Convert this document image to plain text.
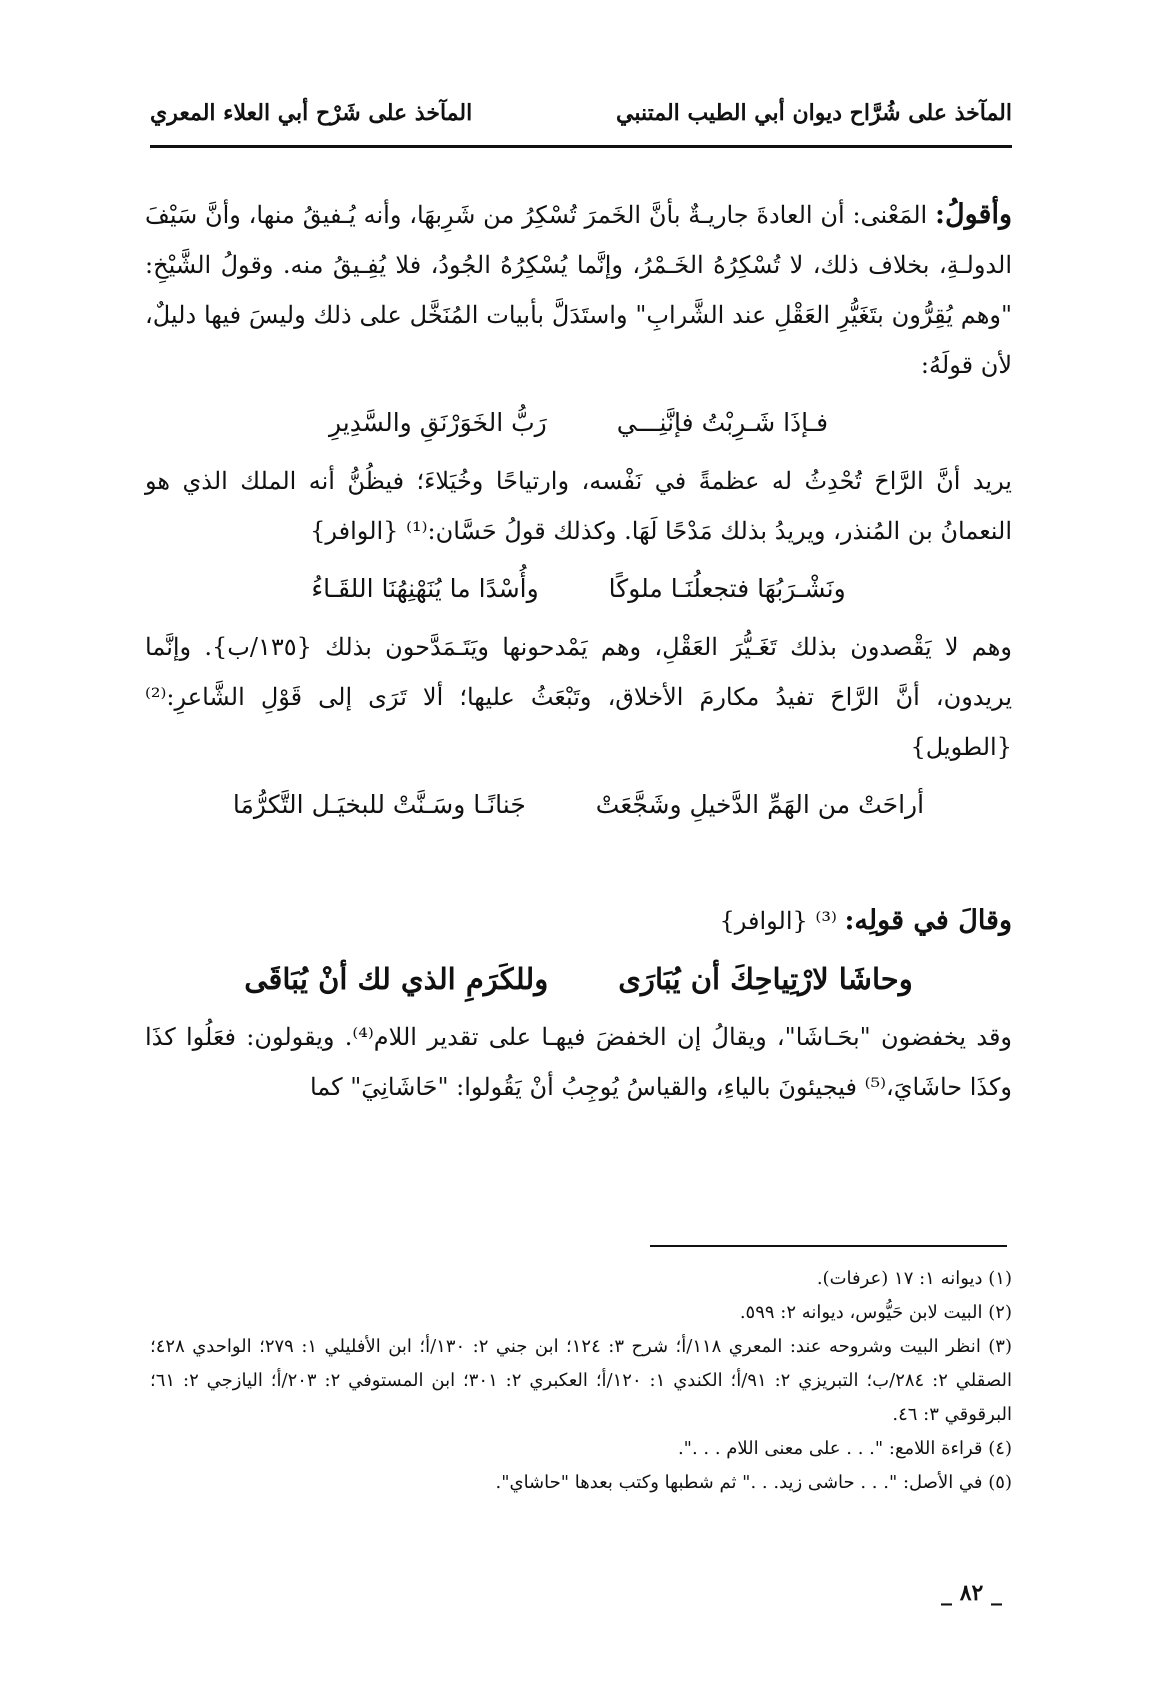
المآخذ على شُرَّاح ديوان أبي الطيب المتنبي
المآخذ على شَرْح أبي العلاء المعري

وأقولُ: المَعْنى: أن العادةَ جاريـةٌ بأنَّ الخَمرَ تُسْكِرُ من شَرِبهَا، وأنه يُـفيقُ منها، وأنَّ سَيْفَ الدولـةِ، بخلاف ذلك، لا تُسْكِرُهُ الخَـمْرُ، وإنَّما يُسْكِرُهُ الجُودُ، فلا يُفِـيقُ منه. وقولُ الشَّيْخِ: "وهم يُقِرُّون بتَغَيُّرِ العَقْلِ عند الشَّرابِ" واستَدَلَّ بأبيات المُنَخَّل على ذلك وليسَ فيها دليلٌ، لأن قولَهُ:

فـإذَا شَـرِبْتُ فإنَّنِـــي
رَبُّ الخَوَرْنَقِ والسَّدِيرِ

يريد أنَّ الرَّاحَ تُحْدِثُ له عظمةً في نَفْسه، وارتياحًا وخُيَلاءَ؛ فيظُنُّ أنه الملك الذي هو النعمانُ بن المُنذر، ويريدُ بذلك مَدْحًا لَهَا. وكذلك قولُ حَسَّان:⁽¹⁾ {الوافر}

ونَشْـرَبُهَا فتجعلُنَـا ملوكًا
وأُسْدًا ما يُنَهْنِهُنَا اللقَـاءُ

وهم لا يَقْصدون بذلك تَغَـيُّرَ العَقْلِ، وهم يَمْدحونها ويَتَـمَدَّحون بذلك {١٣٥/ب}. وإنَّما يريدون، أنَّ الرَّاحَ تفيدُ مكارمَ الأخلاق، وتَبْعَثُ عليها؛ ألا تَرَى إلى قَوْلِ الشَّاعرِ:⁽²⁾ {الطويل}

أراحَتْ من الهَمِّ الدَّخيلِ وشَجَّعَتْ
جَنانًـا وسَـنَّتْ للبخيَـل التَّكرُّمَا

وقالَ في قولِه: ⁽³⁾ {الوافر}

وحاشَا لارْتِياحِكَ أن يُبَارَى
وللكَرَمِ الذي لك أنْ يُبَاقَى

وقد يخفضون "بحَـاشَا"، ويقالُ إن الخفضَ فيهـا على تقدير اللام⁽⁴⁾. ويقولون: فعَلُوا كذَا وكذَا حاشَايَ،⁽⁵⁾ فيجيئونَ بالياءِ، والقياسُ يُوجِبُ أنْ يَقُولوا: "حَاشَانِيَ" كما

(١) ديوانه ١: ١٧ (عرفات).

(٢) البيت لابن حَيُّوس، ديوانه ٢: ٥٩٩.

(٣) انظر البيت وشروحه عند: المعري ١١٨/أ؛ شرح ٣: ١٢٤؛ ابن جني ٢: ١٣٠/أ؛ ابن الأفليلي ١: ٢٧٩؛ الواحدي ٤٢٨؛ الصقلي ٢: ٢٨٤/ب؛ التبريزي ٢: ٩١/أ؛ الكندي ١: ١٢٠/أ؛ العكبري ٢: ٣٠١؛ ابن المستوفي ٢: ٢٠٣/أ؛ اليازجي ٢: ٦١؛ البرقوقي ٣: ٤٦.

(٤) قراءة اللامع: ". . . على معنى اللام . . .".

(٥) في الأصل: ". . . حاشى زيد. . ." ثم شطبها وكتب بعدها "حاشاي".

_ ٨٢ _
